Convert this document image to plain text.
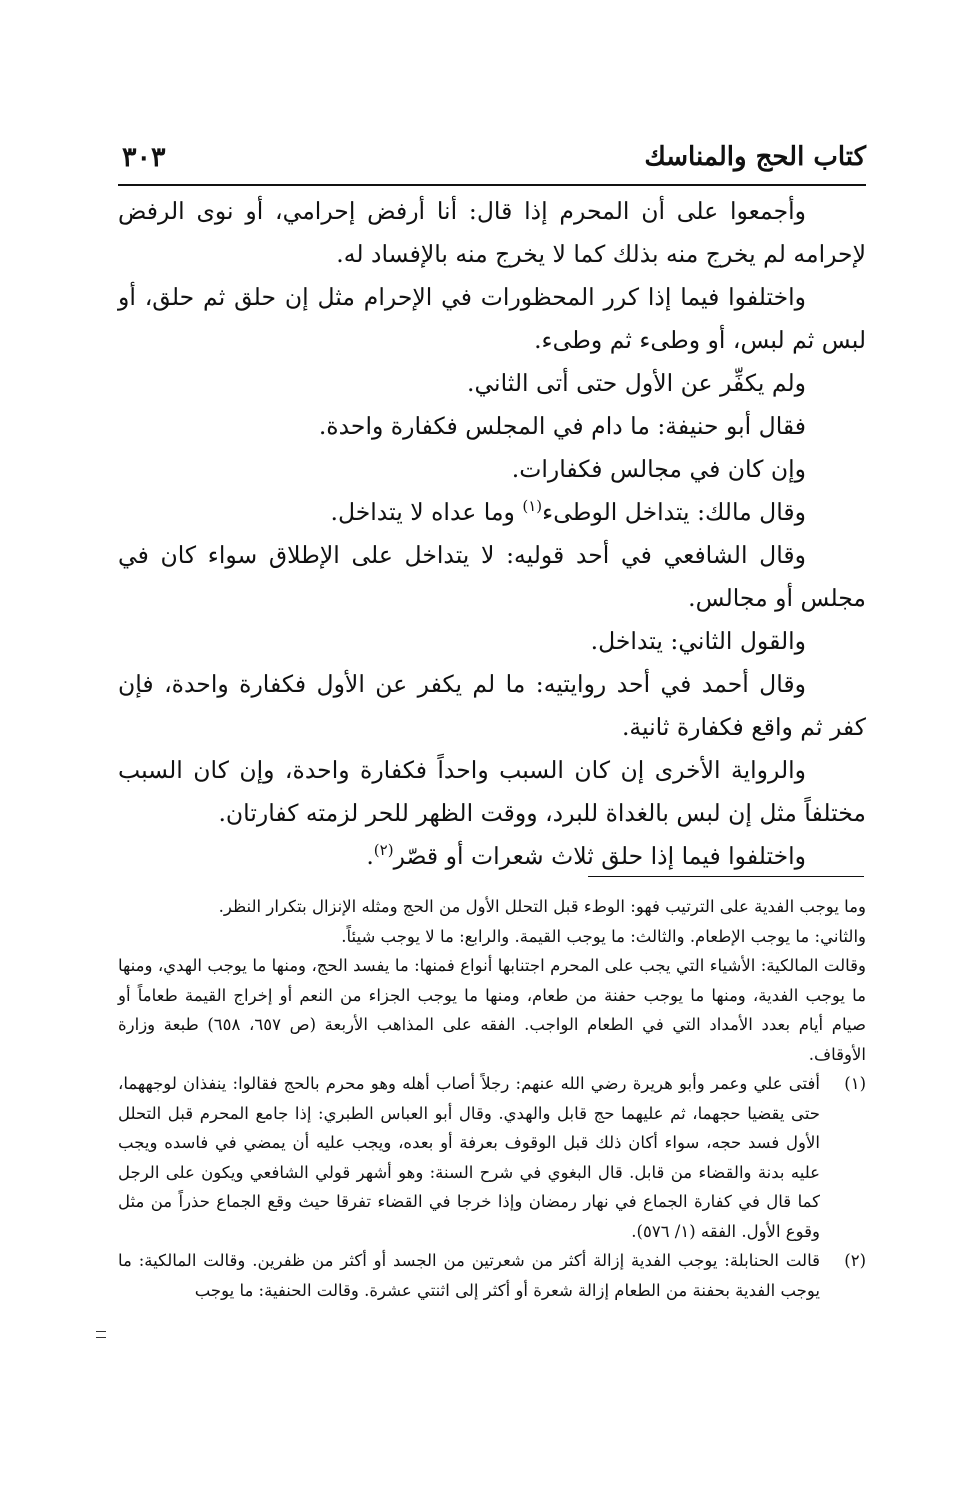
كتاب الحج والمناسك
٣٠٣

وأجمعوا على أن المحرم إذا قال: أنا أرفض إحرامي، أو نوى الرفض لإحرامه لم يخرج منه بذلك كما لا يخرج منه بالإفساد له.

واختلفوا فيما إذا كرر المحظورات في الإحرام مثل إن حلق ثم حلق، أو لبس ثم لبس، أو وطىء ثم وطىء.

ولم يكفِّر عن الأول حتى أتى الثاني.

فقال أبو حنيفة: ما دام في المجلس فكفارة واحدة.

وإن كان في مجالس فكفارات.

وقال مالك: يتداخل الوطىء$^{(١)}$ وما عداه لا يتداخل.

وقال الشافعي في أحد قوليه: لا يتداخل على الإطلاق سواء كان في مجلس أو مجالس.

والقول الثاني: يتداخل.

وقال أحمد في أحد روايتيه: ما لم يكفر عن الأول فكفارة واحدة، فإن كفر ثم واقع فكفارة ثانية.

والرواية الأخرى إن كان السبب واحداً فكفارة واحدة، وإن كان السبب مختلفاً مثل إن لبس بالغداة للبرد، ووقت الظهر للحر لزمته كفارتان.

واختلفوا فيما إذا حلق ثلاث شعرات أو قصّر$^{(٢)}$.

وما يوجب الفدية على الترتيب فهو: الوطء قبل التحلل الأول من الحج ومثله الإنزال بتكرار النظر.

والثاني: ما يوجب الإطعام. والثالث: ما يوجب القيمة. والرابع: ما لا يوجب شيئاً.

وقالت المالكية: الأشياء التي يجب على المحرم اجتنابها أنواع فمنها: ما يفسد الحج، ومنها ما يوجب الهدي، ومنها ما يوجب الفدية، ومنها ما يوجب حفنة من طعام، ومنها ما يوجب الجزاء من النعم أو إخراج القيمة طعاماً أو صيام أيام بعدد الأمداد التي في الطعام الواجب. الفقه على المذاهب الأربعة (ص ٦٥٧، ٦٥٨) طبعة وزارة الأوقاف.

(١)
أفتى علي وعمر وأبو هريرة رضي الله عنهم: رجلاً أصاب أهله وهو محرم بالحج فقالوا: ينفذان لوجههما، حتى يقضيا حجهما، ثم عليهما حج قابل والهدي. وقال أبو العباس الطبري: إذا جامع المحرم قبل التحلل الأول فسد حجه، سواء أكان ذلك قبل الوقوف بعرفة أو بعده، ويجب عليه أن يمضي في فاسده ويجب عليه بدنة والقضاء من قابل. قال البغوي في شرح السنة: وهو أشهر قولي الشافعي ويكون على الرجل كما قال في كفارة الجماع في نهار رمضان وإذا خرجا في القضاء تفرقا حيث وقع الجماع حذراً من مثل وقوع الأول. الفقه (١/ ٥٧٦).
(٢)
قالت الحنابلة: يوجب الفدية إزالة أكثر من شعرتين من الجسد أو أكثر من ظفرين. وقالت المالكية: ما يوجب الفدية بحفنة من الطعام إزالة شعرة أو أكثر إلى اثنتي عشرة. وقالت الحنفية: ما يوجب
